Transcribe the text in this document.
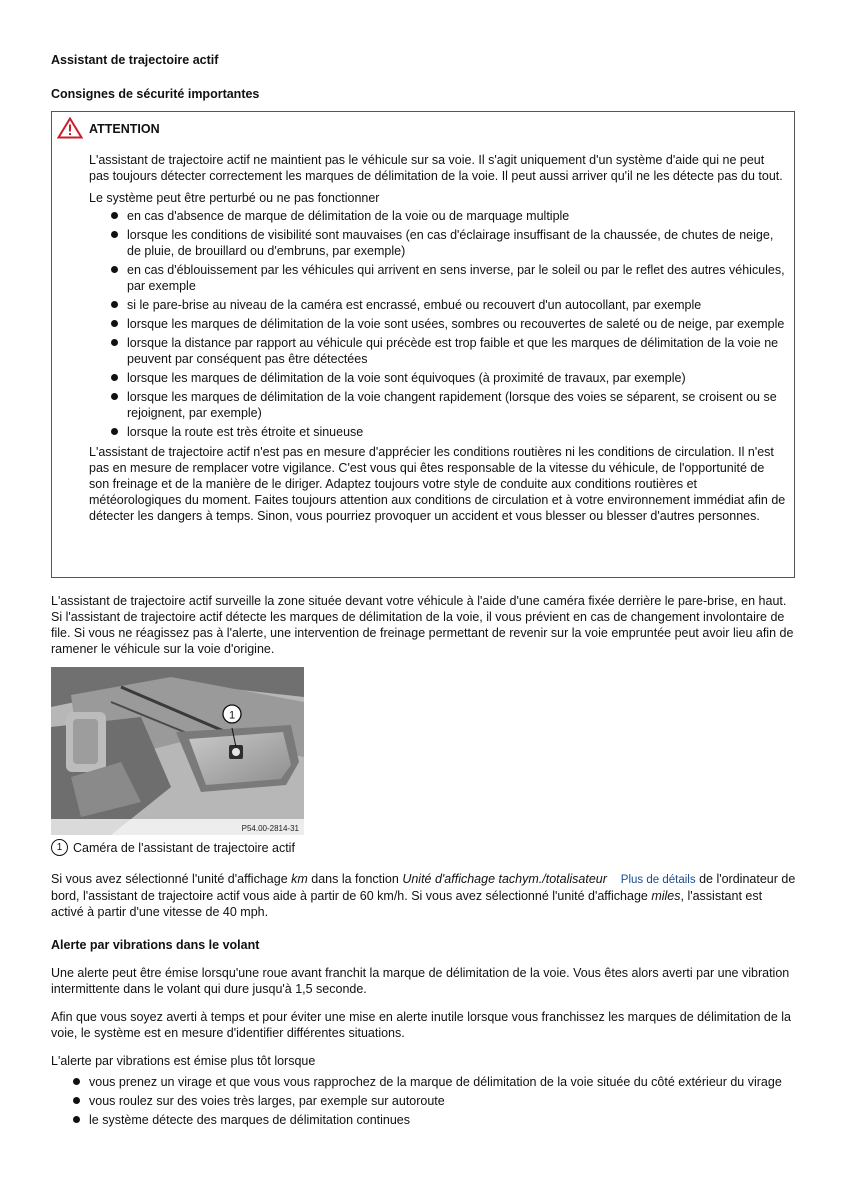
Assistant de trajectoire actif

Consignes de sécurité importantes

ATTENTION

L'assistant de trajectoire actif ne maintient pas le véhicule sur sa voie. Il s'agit uniquement d'un système d'aide qui ne peut pas toujours détecter correctement les marques de délimitation de la voie. Il peut aussi arriver qu'il ne les détecte pas du tout.

Le système peut être perturbé ou ne pas fonctionner

en cas d'absence de marque de délimitation de la voie ou de marquage multiple
lorsque les conditions de visibilité sont mauvaises (en cas d'éclairage insuffisant de la chaussée, de chutes de neige, de pluie, de brouillard ou d'embruns, par exemple)
en cas d'éblouissement par les véhicules qui arrivent en sens inverse, par le soleil ou par le reflet des autres véhicules, par exemple
si le pare-brise au niveau de la caméra est encrassé, embué ou recouvert d'un autocollant, par exemple
lorsque les marques de délimitation de la voie sont usées, sombres ou recouvertes de saleté ou de neige, par exemple
lorsque la distance par rapport au véhicule qui précède est trop faible et que les marques de délimitation de la voie ne peuvent par conséquent pas être détectées
lorsque les marques de délimitation de la voie sont équivoques (à proximité de travaux, par exemple)
lorsque les marques de délimitation de la voie changent rapidement (lorsque des voies se séparent, se croisent ou se rejoignent, par exemple)
lorsque la route est très étroite et sinueuse

L'assistant de trajectoire actif n'est pas en mesure d'apprécier les conditions routières ni les conditions de circulation. Il n'est pas en mesure de remplacer votre vigilance. C'est vous qui êtes responsable de la vitesse du véhicule, de l'opportunité de son freinage et de la manière de le diriger. Adaptez toujours votre style de conduite aux conditions routières et météorologiques du moment. Faites toujours attention aux conditions de circulation et à votre environnement immédiat afin de détecter les dangers à temps. Sinon, vous pourriez provoquer un accident et vous blesser ou blesser d'autres personnes.

L'assistant de trajectoire actif surveille la zone située devant votre véhicule à l'aide d'une caméra fixée derrière le pare-brise, en haut. Si l'assistant de trajectoire actif détecte les marques de délimitation de la voie, il vous prévient en cas de changement involontaire de file. Si vous ne réagissez pas à l'alerte, une intervention de freinage permettant de revenir sur la voie empruntée peut avoir lieu afin de ramener le véhicule sur la voie d'origine.

1
P54.00-2814-31
1 Caméra de l'assistant de trajectoire actif

Si vous avez sélectionné l'unité d'affichage km dans la fonction Unité d'affichage tachym./totalisateur Plus de détails de l'ordinateur de bord, l'assistant de trajectoire actif vous aide à partir de 60 km/h. Si vous avez sélectionné l'unité d'affichage miles, l'assistant est activé à partir d'une vitesse de 40 mph.

Alerte par vibrations dans le volant

Une alerte peut être émise lorsqu'une roue avant franchit la marque de délimitation de la voie. Vous êtes alors averti par une vibration intermittente dans le volant qui dure jusqu'à 1,5 seconde.

Afin que vous soyez averti à temps et pour éviter une mise en alerte inutile lorsque vous franchissez les marques de délimitation de la voie, le système est en mesure d'identifier différentes situations.

L'alerte par vibrations est émise plus tôt lorsque

vous prenez un virage et que vous vous rapprochez de la marque de délimitation de la voie située du côté extérieur du virage
vous roulez sur des voies très larges, par exemple sur autoroute
le système détecte des marques de délimitation continues
